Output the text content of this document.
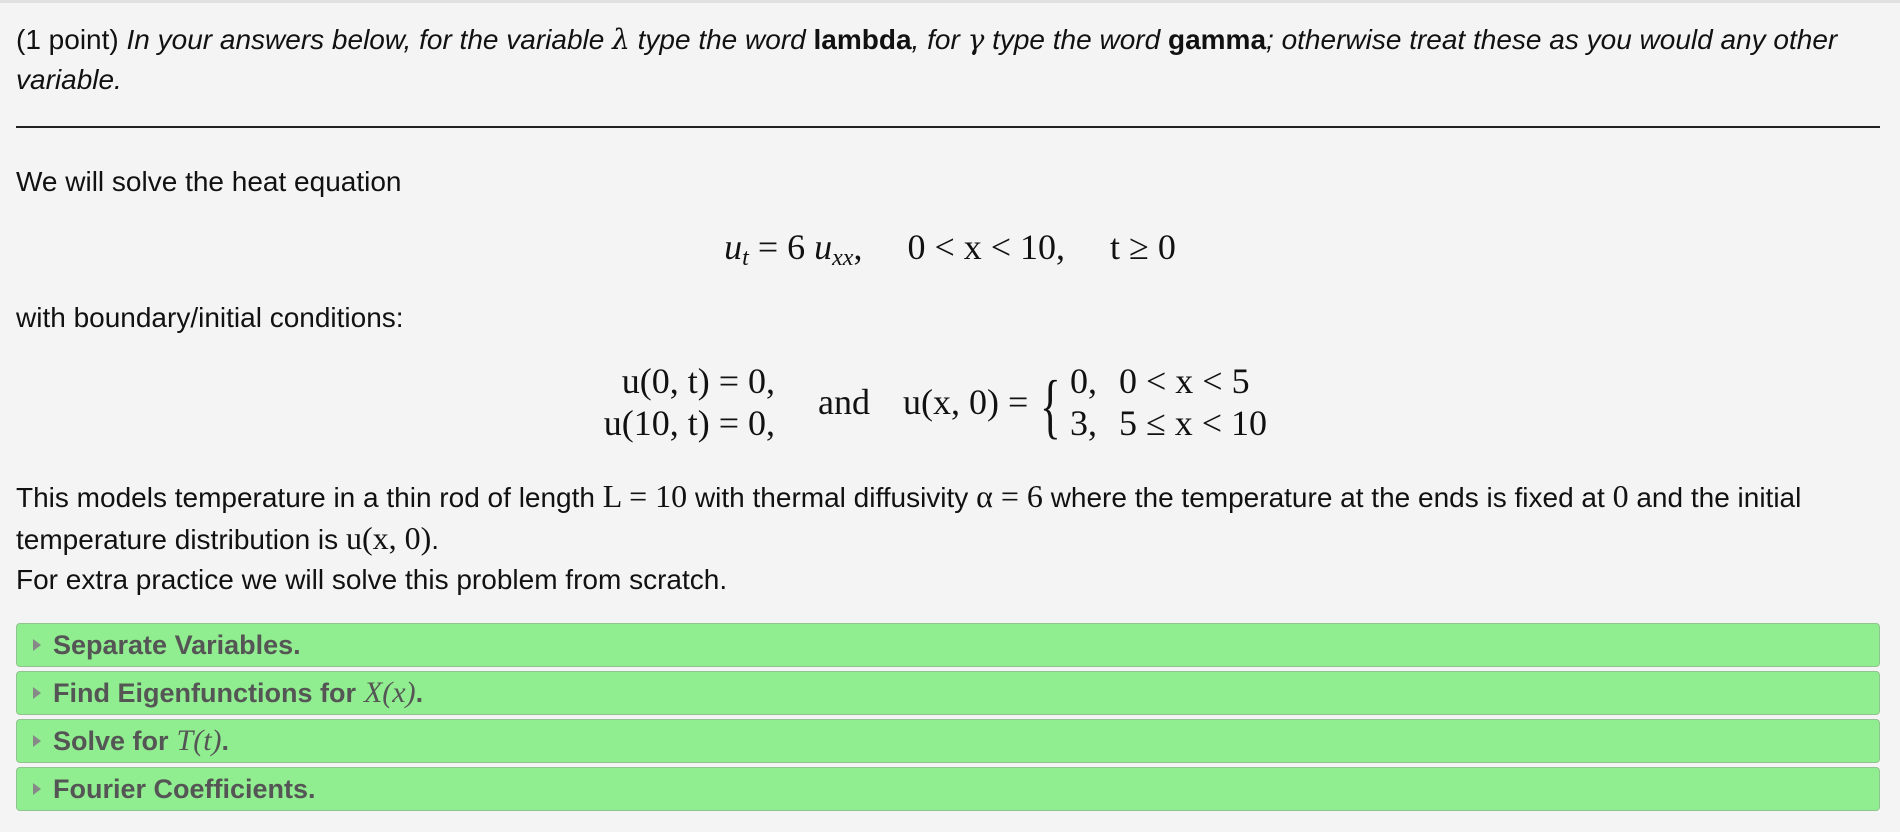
(1 point) In your answers below, for the variable λ type the word lambda, for γ type the word gamma; otherwise treat these as you would any other variable.
We will solve the heat equation
$u_t = 6$ $u_{xx}$,     0 < x < 10,     t ≥ 0
with boundary/initial conditions:
u(0, t) = 0,
u(10, t) = 0,
and u(x, 0) = { 0,	0 < x < 5
3,	5 ≤ x < 10
This models temperature in a thin rod of length L = 10 with thermal diffusivity α = 6 where the temperature at the ends is fixed at 0 and the initial temperature distribution is u(x, 0).
For extra practice we will solve this problem from scratch.
Separate Variables.
Find Eigenfunctions for X(x) .
Solve for T(t) .
Fourier Coefficients.
